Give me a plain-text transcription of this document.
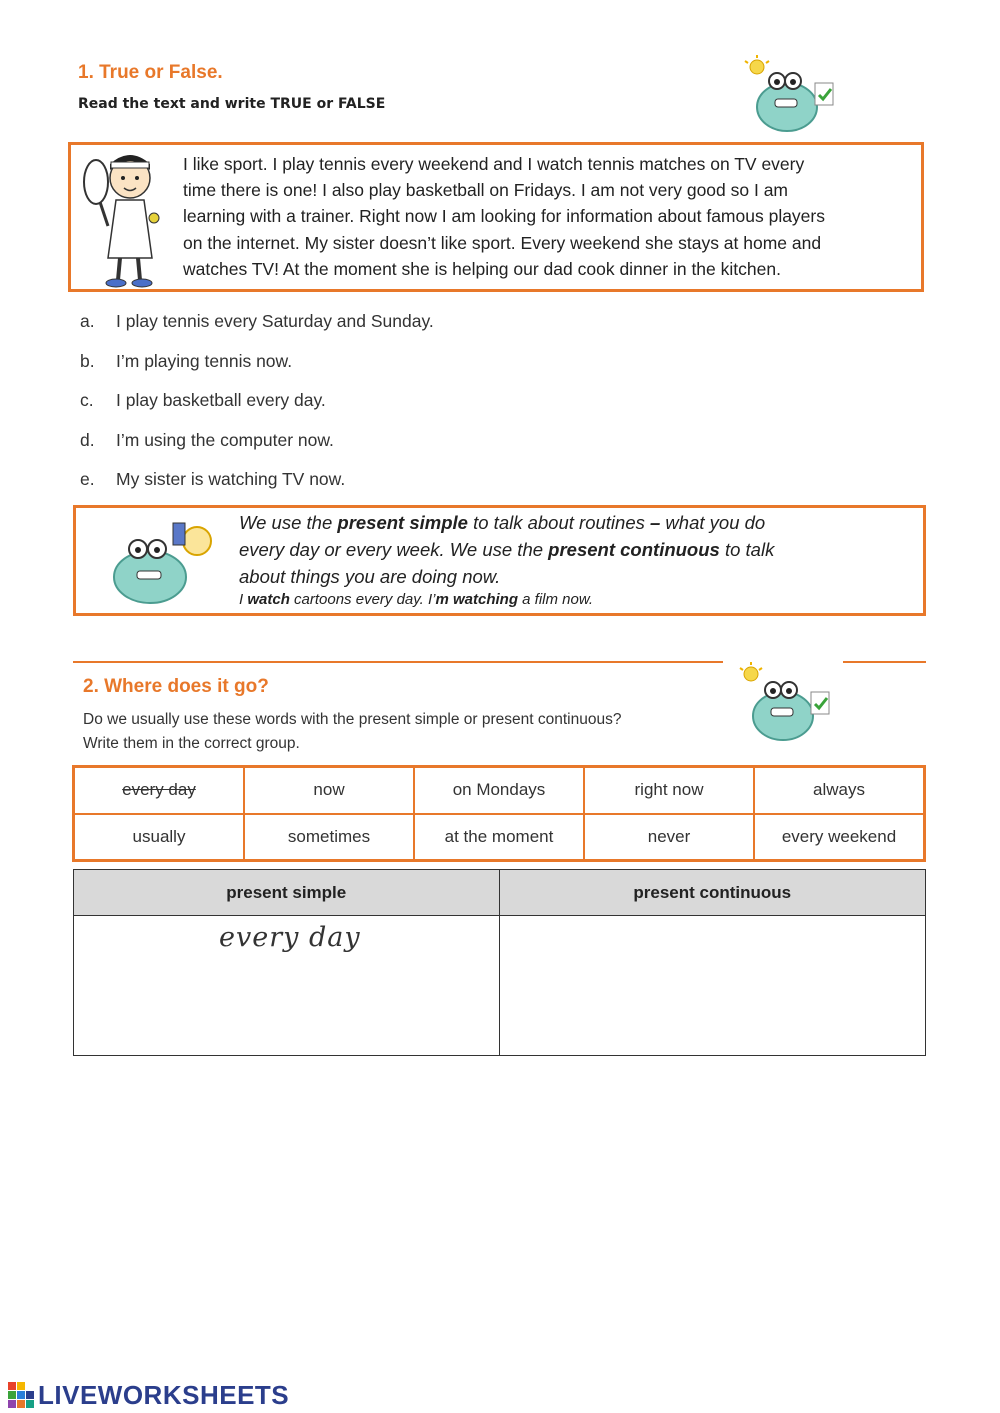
1. True or False.
Read the text and write TRUE or FALSE
I like sport. I play tennis every weekend and I watch tennis matches on TV every
time there is one! I also play basketball on Fridays. I am not very good so I am
learning with a trainer. Right now I am looking for information about famous players
on the internet. My sister doesn’t like sport. Every weekend she stays at home and
watches TV! At the moment she is helping our dad cook dinner in the kitchen.
a. I play tennis every Saturday and Sunday.
b. I’m playing tennis now.
c. I play basketball every day.
d. I’m using the computer now.
e. My sister is watching TV now.
We use the present simple to talk about routines – what you do
every day or every week. We use the present continuous to talk
about things you are doing now.
I watch cartoons every day. I’m watching a film now.
2. Where does it go?
Do we usually use these words with the present simple or present continuous?
Write them in the correct group.
every day	now	on Mondays	right now	always
usually	sometimes	at the moment	never	every weekend
present simple	present continuous
every day
LIVEWORKSHEETS
